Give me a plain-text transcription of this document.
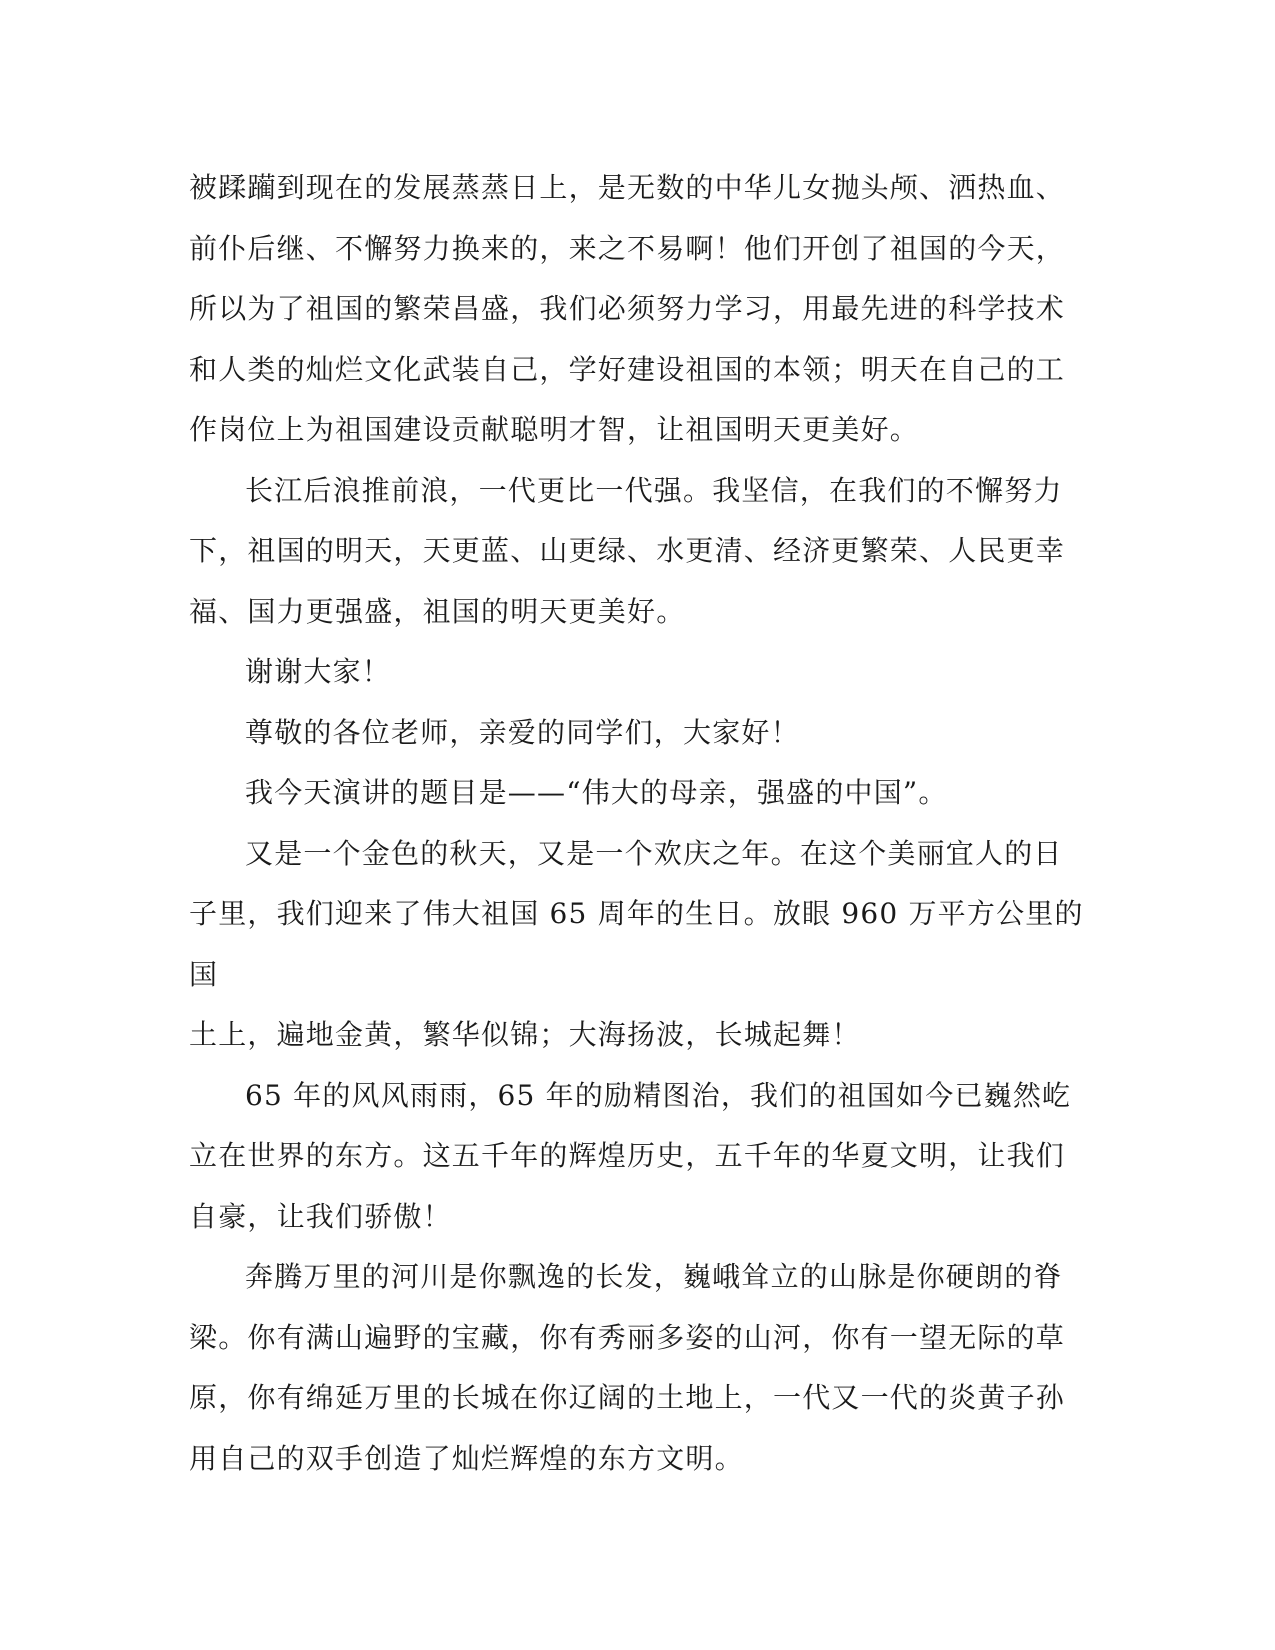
被蹂躏到现在的发展蒸蒸日上，是无数的中华儿女抛头颅、洒热血、
前仆后继、不懈努力换来的，来之不易啊！他们开创了祖国的今天，
所以为了祖国的繁荣昌盛，我们必须努力学习，用最先进的科学技术
和人类的灿烂文化武装自己，学好建设祖国的本领；明天在自己的工
作岗位上为祖国建设贡献聪明才智，让祖国明天更美好。

长江后浪推前浪，一代更比一代强。我坚信，在我们的不懈努力
下，祖国的明天，天更蓝、山更绿、水更清、经济更繁荣、人民更幸
福、国力更强盛，祖国的明天更美好。

谢谢大家！

尊敬的各位老师，亲爱的同学们，大家好！

我今天演讲的题目是——“伟大的母亲，强盛的中国”。

又是一个金色的秋天，又是一个欢庆之年。在这个美丽宜人的日
子里，我们迎来了伟大祖国 65 周年的生日。放眼 960 万平方公里的国
土上，遍地金黄，繁华似锦；大海扬波，长城起舞！

65 年的风风雨雨，65 年的励精图治，我们的祖国如今已巍然屹
立在世界的东方。这五千年的辉煌历史，五千年的华夏文明，让我们
自豪，让我们骄傲！

奔腾万里的河川是你飘逸的长发，巍峨耸立的山脉是你硬朗的脊
梁。你有满山遍野的宝藏，你有秀丽多姿的山河，你有一望无际的草
原，你有绵延万里的长城在你辽阔的土地上，一代又一代的炎黄子孙
用自己的双手创造了灿烂辉煌的东方文明。
